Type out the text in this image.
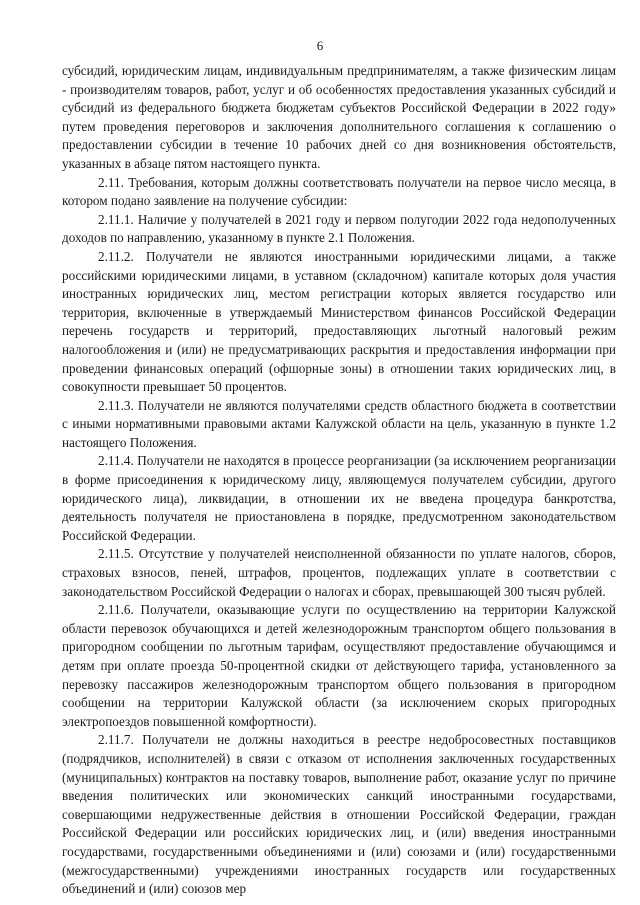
6

субсидий, юридическим лицам, индивидуальным предпринимателям, а также физическим лицам - производителям товаров, работ, услуг и об особенностях предоставления указанных субсидий и субсидий из федерального бюджета бюджетам субъектов Российской Федерации в 2022 году» путем проведения переговоров и заключения дополнительного соглашения к соглашению о предоставлении субсидии в течение 10 рабочих дней со дня возникновения обстоятельств, указанных в абзаце пятом настоящего пункта.

2.11. Требования, которым должны соответствовать получатели на первое число месяца, в котором подано заявление на получение субсидии:

2.11.1. Наличие у получателей в 2021 году и первом полугодии 2022 года недополученных доходов по направлению, указанному в пункте 2.1 Положения.

2.11.2. Получатели не являются иностранными юридическими лицами, а также российскими юридическими лицами, в уставном (складочном) капитале которых доля участия иностранных юридических лиц, местом регистрации которых является государство или территория, включенные в утверждаемый Министерством финансов Российской Федерации перечень государств и территорий, предоставляющих льготный налоговый режим налогообложения и (или) не предусматривающих раскрытия и предоставления информации при проведении финансовых операций (офшорные зоны) в отношении таких юридических лиц, в совокупности превышает 50 процентов.

2.11.3. Получатели не являются получателями средств областного бюджета в соответствии с иными нормативными правовыми актами Калужской области на цель, указанную в пункте 1.2 настоящего Положения.

2.11.4. Получатели не находятся в процессе реорганизации (за исключением реорганизации в форме присоединения к юридическому лицу, являющемуся получателем субсидии, другого юридического лица), ликвидации, в отношении их не введена процедура банкротства, деятельность получателя не приостановлена в порядке, предусмотренном законодательством Российской Федерации.

2.11.5. Отсутствие у получателей неисполненной обязанности по уплате налогов, сборов, страховых взносов, пеней, штрафов, процентов, подлежащих уплате в соответствии с законодательством Российской Федерации о налогах и сборах, превышающей 300 тысяч рублей.

2.11.6. Получатели, оказывающие услуги по осуществлению на территории Калужской области перевозок обучающихся и детей железнодорожным транспортом общего пользования в пригородном сообщении по льготным тарифам, осуществляют предоставление обучающимся и детям при оплате проезда 50-процентной скидки от действующего тарифа, установленного за перевозку пассажиров железнодорожным транспортом общего пользования в пригородном сообщении на территории Калужской области (за исключением скорых пригородных электропоездов повышенной комфортности).

2.11.7. Получатели не должны находиться в реестре недобросовестных поставщиков (подрядчиков, исполнителей) в связи с отказом от исполнения заключенных государственных (муниципальных) контрактов на поставку товаров, выполнение работ, оказание услуг по причине введения политических или экономических санкций иностранными государствами, совершающими недружественные действия в отношении Российской Федерации, граждан Российской Федерации или российских юридических лиц, и (или) введения иностранными государствами, государственными объединениями и (или) союзами и (или) государственными (межгосударственными) учреждениями иностранных государств или государственных объединений и (или) союзов мер
